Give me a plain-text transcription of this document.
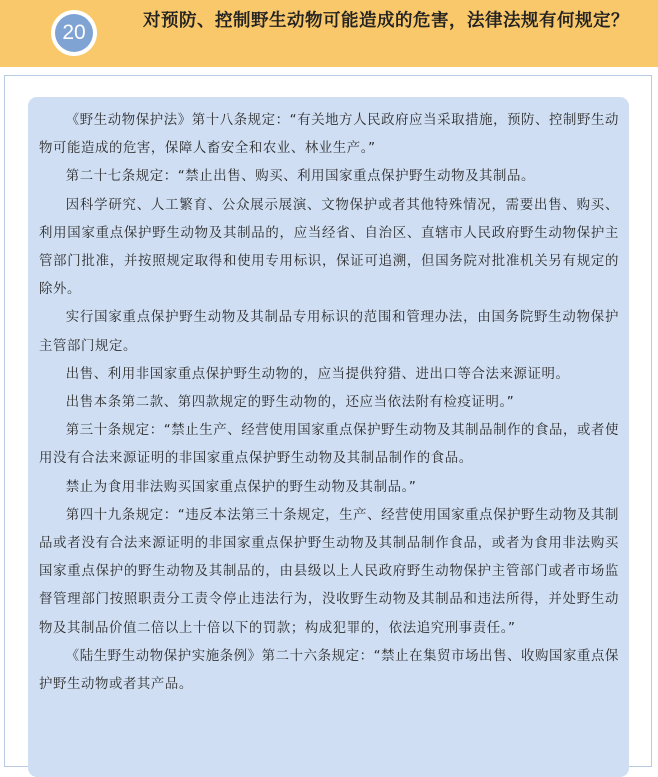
20	对预防、控制野生动物可能造成的危害，法律法规有何规定？

《野生动物保护法》第十八条规定：“有关地方人民政府应当采取措施，预防、控制野生动物可能造成的危害，保障人畜安全和农业、林业生产。”

第二十七条规定：“禁止出售、购买、利用国家重点保护野生动物及其制品。

因科学研究、人工繁育、公众展示展演、文物保护或者其他特殊情况，需要出售、购买、利用国家重点保护野生动物及其制品的，应当经省、自治区、直辖市人民政府野生动物保护主管部门批准，并按照规定取得和使用专用标识，保证可追溯，但国务院对批准机关另有规定的除外。

实行国家重点保护野生动物及其制品专用标识的范围和管理办法，由国务院野生动物保护主管部门规定。

出售、利用非国家重点保护野生动物的，应当提供狩猎、进出口等合法来源证明。

出售本条第二款、第四款规定的野生动物的，还应当依法附有检疫证明。”

第三十条规定：“禁止生产、经营使用国家重点保护野生动物及其制品制作的食品，或者使用没有合法来源证明的非国家重点保护野生动物及其制品制作的食品。

禁止为食用非法购买国家重点保护的野生动物及其制品。”

第四十九条规定：“违反本法第三十条规定，生产、经营使用国家重点保护野生动物及其制品或者没有合法来源证明的非国家重点保护野生动物及其制品制作食品，或者为食用非法购买国家重点保护的野生动物及其制品的，由县级以上人民政府野生动物保护主管部门或者市场监督管理部门按照职责分工责令停止违法行为，没收野生动物及其制品和违法所得，并处野生动物及其制品价值二倍以上十倍以下的罚款；构成犯罪的，依法追究刑事责任。”

《陆生野生动物保护实施条例》第二十六条规定：“禁止在集贸市场出售、收购国家重点保护野生动物或者其产品。
